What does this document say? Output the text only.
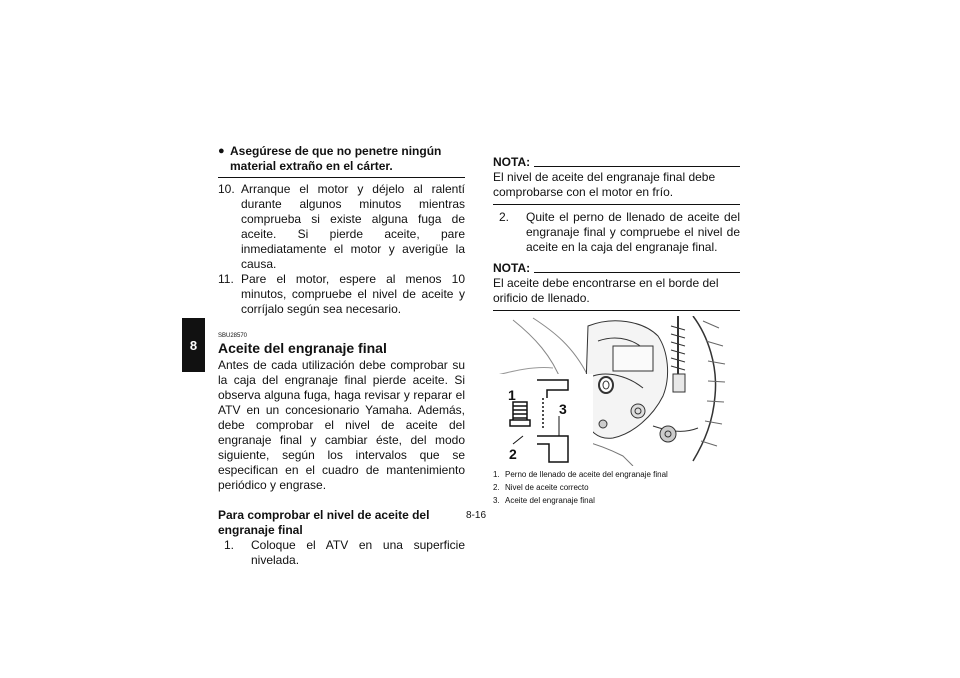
8
● Asegúrese de que no penetre ningún material extraño en el cárter.
10. Arranque el motor y déjelo al ralentí durante algunos minutos mientras comprueba si existe alguna fuga de aceite. Si pierde aceite, pare inmediatamente el motor y averigüe la causa.
11. Pare el motor, espere al menos 10 minutos, compruebe el nivel de aceite y corríjalo según sea necesario.
SBU28570
Aceite del engranaje final
Antes de cada utilización debe comprobar su la caja del engranaje final pierde aceite. Si observa alguna fuga, haga revisar y reparar el ATV en un concesionario Yamaha. Además, debe comprobar el nivel de aceite del engranaje final y cambiar éste, del modo siguiente, según los intervalos que se especifican en el cuadro de mantenimiento periódico y engrase.
Para comprobar el nivel de aceite del engranaje final
1.	Coloque el ATV en una superficie nivelada.
NOTA:
El nivel de aceite del engranaje final debe comprobarse con el motor en frío.
2.	Quite el perno de llenado de aceite del engranaje final y compruebe el nivel de aceite en la caja del engranaje final.
NOTA:
El aceite debe encontrarse en el borde del orificio de llenado.
1
2
3
1. Perno de llenado de aceite del engranaje final
2. Nivel de aceite correcto
3. Aceite del engranaje final
8-16
